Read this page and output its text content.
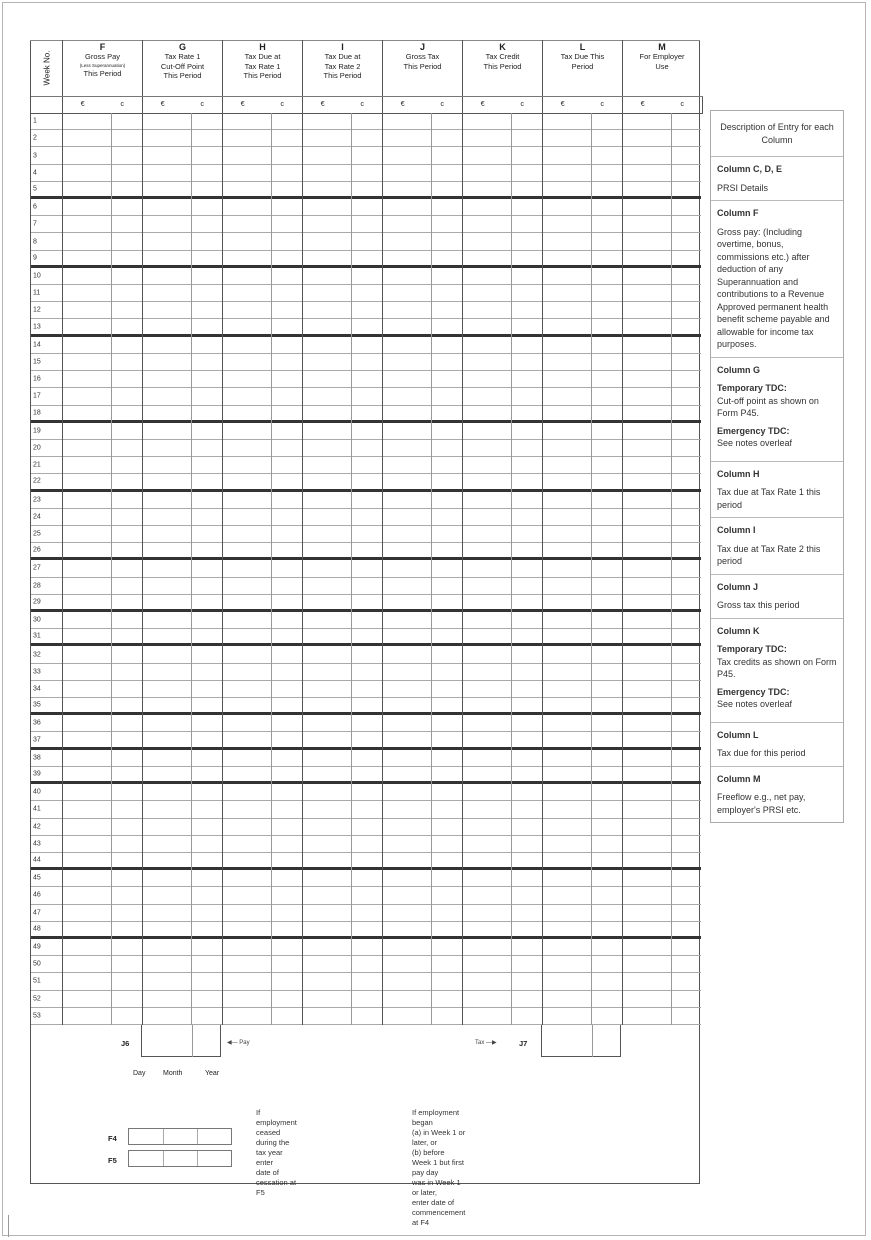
Week No.
F
Gross Pay
(Less Superannuation)
This Period
G
Tax Rate 1
Cut-Off Point
This Period
H
Tax Due at
Tax Rate 1
This Period
I
Tax Due at
Tax Rate 2
This Period
J
Gross Tax
This Period
K
Tax Credit
This Period
L
Tax Due This
Period
M
For Employer
Use
€	c	€	c	€	c	€	c	€	c	€	c	€	c	€	c
1
2
3
4
5
6
7
8
9
10
11
12
13
14
15
16
17
18
19
20
21
22
23
24
25
26
27
28
29
30
31
32
33
34
35
36
37
38
39
40
41
42
43
44
45
46
47
48
49
50
51
52
53
J6	◀— Pay	Tax —▶	J7
Day	Month	Year
F4
F5
If employment ceased
during the tax year enter
date of cessation at F5
If employment began
(a) in Week 1 or later, or
(b) before Week 1 but first pay day
was in Week 1 or later,
enter date of commencement at F4
Description of Entry for each Column
Column C, D, E
PRSI Details
Column F
Gross pay: (Including overtime, bonus, commissions etc.) after deduction of any Superannuation and contributions to a Revenue Approved permanent health benefit scheme payable and allowable for income tax purposes.
Column G
Temporary TDC:

Cut-off point as shown on Form P45.

Emergency TDC:

See notes overleaf

Column H
Tax due at Tax Rate 1 this period
Column I
Tax due at Tax Rate 2 this period
Column J
Gross tax this period
Column K
Temporary TDC:

Tax credits as shown on Form P45.

Emergency TDC:

See notes overleaf

Column L
Tax due for this period
Column M
Freeflow e.g., net pay, employer's PRSI etc.
